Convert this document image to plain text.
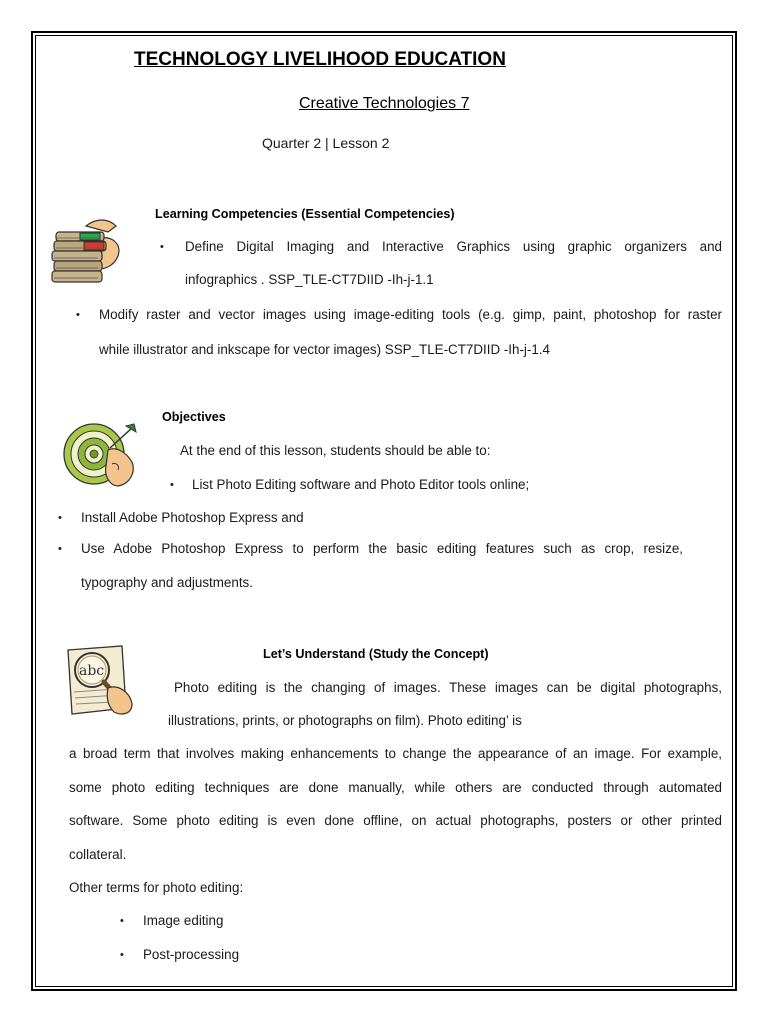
TECHNOLOGY LIVELIHOOD EDUCATION
Creative Technologies 7
Quarter 2 | Lesson 2
Learning Competencies (Essential Competencies)
• Define Digital Imaging and Interactive Graphics using graphic organizers and
infographics . SSP_TLE-CT7DIID -Ih-j-1.1
• Modify raster and vector images using image-editing tools (e.g. gimp, paint, photoshop for raster
while illustrator and inkscape for vector images) SSP_TLE-CT7DIID -Ih-j-1.4
Objectives
At the end of this lesson, students should be able to:
• List Photo Editing software and Photo Editor tools online;
• Install Adobe Photoshop Express and
• Use Adobe Photoshop Express to perform the basic editing features such as crop, resize,
typography and adjustments.
abc
Let’s Understand (Study the Concept)
Photo editing is the changing of images. These images can be digital photographs,
illustrations, prints, or photographs on film). Photo editing’ is
a broad term that involves making enhancements to change the appearance of an image. For example,
some photo editing techniques are done manually, while others are conducted through automated
software. Some photo editing is even done offline, on actual photographs, posters or other printed
collateral.
Other terms for photo editing:
• Image editing
• Post-processing
